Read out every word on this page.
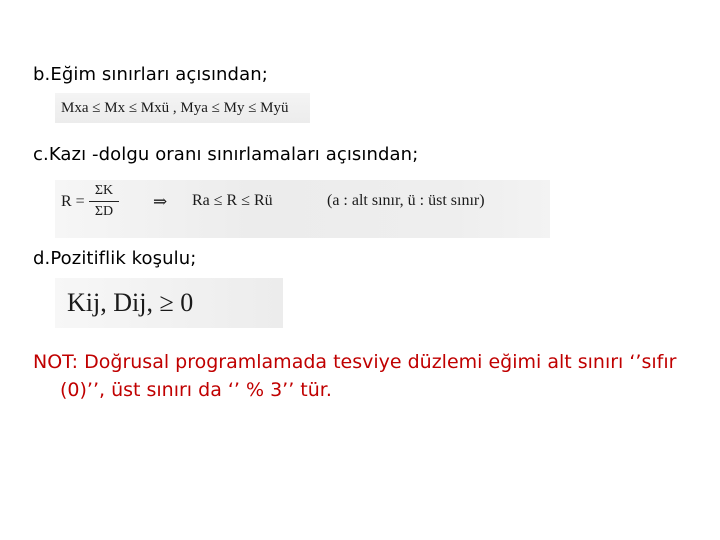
b.Eğim sınırları açısından;
Mxa ≤ Mx ≤ Mxü , Mya ≤ My ≤ Myü
c.Kazı -dolgu oranı sınırlamaları açısından;
R =
ΣK
ΣD
⇒ Ra ≤ R ≤ Rü	(a : alt sınır, ü : üst sınır)
d.Pozitiflik koşulu;
Kij, Dij, ≥ 0
NOT: Doğrusal programlamada tesviye düzlemi eğimi alt sınırı ‘’sıfır
(0)’’, üst sınırı da ‘’ % 3’’ tür.
